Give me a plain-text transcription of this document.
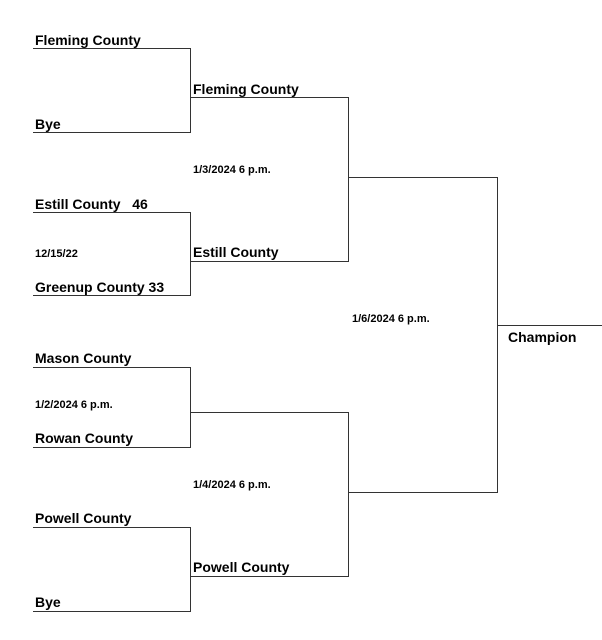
Fleming County
Bye
Estill County   46
12/15/22
Greenup County 33
Mason County
1/2/2024 6 p.m.
Rowan County
Powell County
Bye
Fleming County
1/3/2024 6 p.m.
Estill County
1/4/2024 6 p.m.
Powell County
1/6/2024 6 p.m.
Champion
